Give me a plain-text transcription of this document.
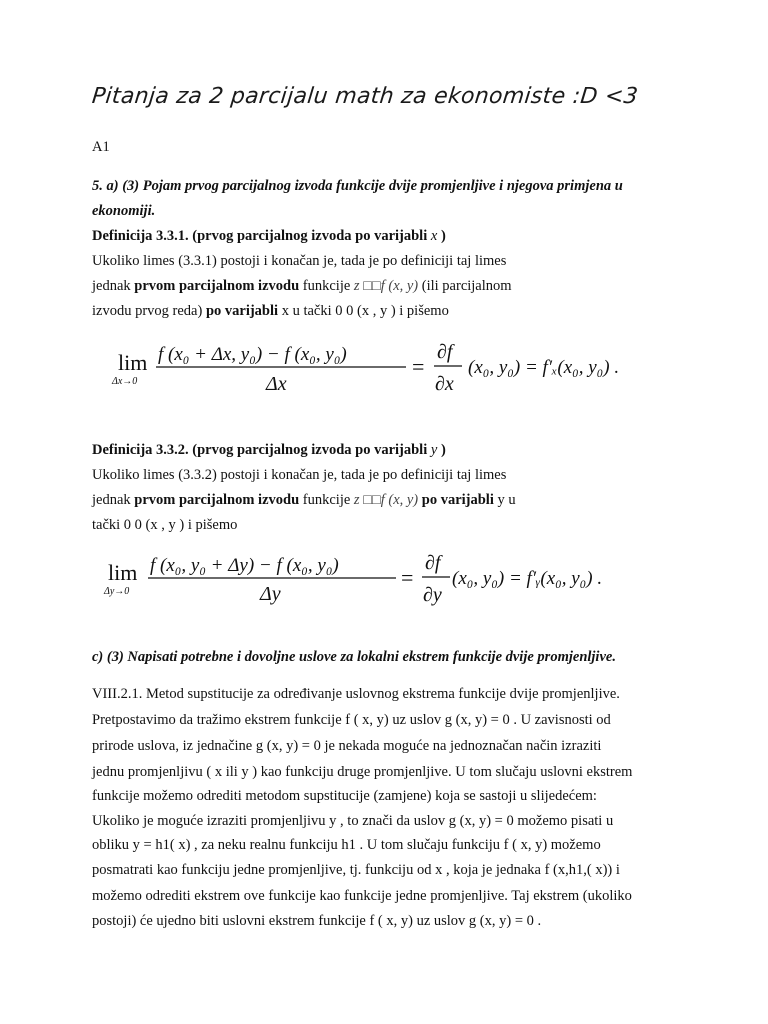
Pitanja za 2 parcijalu math za ekonomiste :D <3
A1
5. a) (3) Pojam prvog parcijalnog izvoda funkcije dvije promjenljive i njegova primjena u
ekonomiji.
Definicija 3.3.1. (prvog parcijalnog izvoda po varijabli x )
Ukoliko limes (3.3.1) postoji i konačan je, tada je po definiciji taj limes
jednak prvom parcijalnom izvodu funkcije z □□f (x, y) (ili parcijalnom
izvodu prvog reda) po varijabli x u tački 0 0 (x , y ) i pišemo
lim
Δx→0
f (x₀ + Δx, y₀) − f (x₀, y₀)
Δx
=
∂f
∂x
(x₀, y₀) = f′ₓ(x₀, y₀) .
Definicija 3.3.2. (prvog parcijalnog izvoda po varijabli y )
Ukoliko limes (3.3.2) postoji i konačan je, tada je po definiciji taj limes
jednak prvom parcijalnom izvodu funkcije z □□f (x, y) po varijabli y u
tački 0 0 (x , y ) i pišemo
lim
Δy→0
f (x₀, y₀ + Δy) − f (x₀, y₀)
Δy
=
∂f
∂y
(x₀, y₀) = f′ᵧ(x₀, y₀) .
c) (3) Napisati potrebne i dovoljne uslove za lokalni ekstrem funkcije dvije promjenljive.
VIII.2.1. Metod supstitucije za određivanje uslovnog ekstrema funkcije dvije promjenljive.
Pretpostavimo da tražimo ekstrem funkcije f ( x, y) uz uslov g (x, y) = 0 . U zavisnosti od
prirode uslova, iz jednačine g (x, y) = 0 je nekada moguće na jednoznačan način izraziti
jednu promjenljivu ( x ili y ) kao funkciju druge promjenljive. U tom slučaju uslovni ekstrem
funkcije možemo odrediti metodom supstitucije (zamjene) koja se sastoji u slijedećem:
Ukoliko je moguće izraziti promjenljivu y , to znači da uslov g (x, y) = 0 možemo pisati u
obliku y = h1( x) , za neku realnu funkciju h1 . U tom slučaju funkciju f ( x, y) možemo
posmatrati kao funkciju jedne promjenljive, tj. funkciju od x , koja je jednaka f (x,h1,( x)) i
možemo odrediti ekstrem ove funkcije kao funkcije jedne promjenljive. Taj ekstrem (ukoliko
postoji) će ujedno biti uslovni ekstrem funkcije f ( x, y) uz uslov g (x, y) = 0 .
